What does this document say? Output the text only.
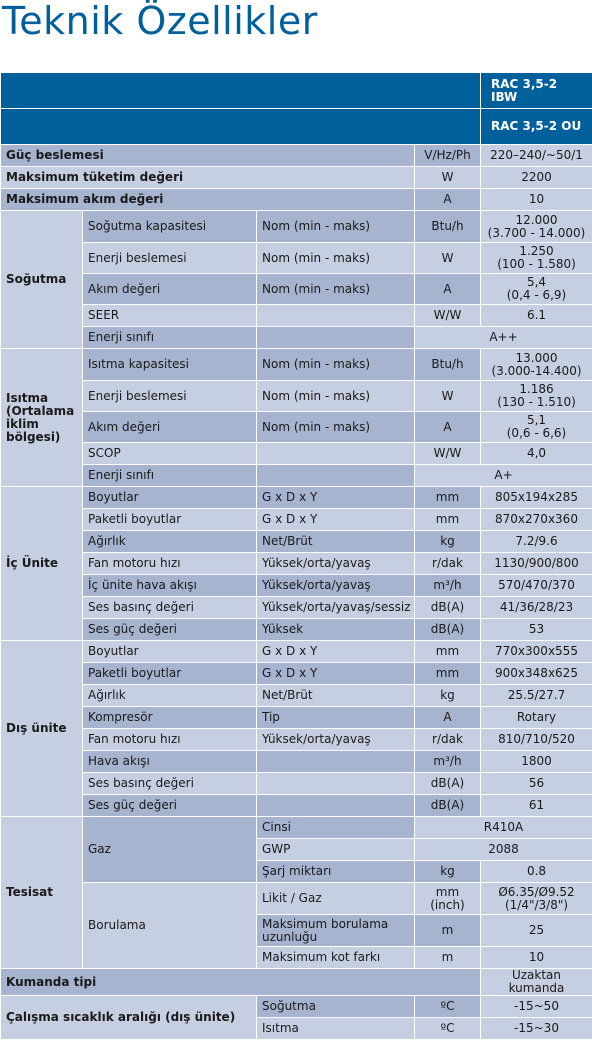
Teknik Özellikler
				RAC 3,5-2 IBW
				RAC 3,5-2 OU
Güç beslemesi			V/Hz/Ph	220–240/~50/1
Maksimum tüketim değeri			W	2200
Maksimum akım değeri			A	10
Soğutma	Soğutma kapasitesi	Nom (min - maks)	Btu/h	12.000
(3.700 - 14.000)
	Enerji beslemesi	Nom (min - maks)	W	1.250
(100 - 1.580)
	Akım değeri	Nom (min - maks)	A	5,4
(0,4 - 6,9)
	SEER		W/W	6.1
	Enerji sınıfı		A++	
Isıtma (Ortalama iklim bölgesi)	Isıtma kapasitesi	Nom (min - maks)	Btu/h	13.000
(3.000-14.400)
	Enerji beslemesi	Nom (min - maks)	W	1.186
(130 - 1.510)
	Akım değeri	Nom (min - maks)	A	5,1
(0,6 - 6,6)
	SCOP		W/W	4,0
	Enerji sınıfı		A+	
İç Ünite	Boyutlar	G x D x Y	mm	805x194x285
	Paketli boyutlar	G x D x Y	mm	870x270x360
	Ağırlık	Net/Brüt	kg	7.2/9.6
	Fan motoru hızı	Yüksek/orta/yavaş	r/dak	1130/900/800
	İç ünite hava akışı	Yüksek/orta/yavaş	m³/h	570/470/370
	Ses basınç değeri	Yüksek/orta/yavaş/sessiz	dB(A)	41/36/28/23
	Ses güç değeri	Yüksek	dB(A)	53
Dış ünite	Boyutlar	G x D x Y	mm	770x300x555
	Paketli boyutlar	G x D x Y	mm	900x348x625
	Ağırlık	Net/Brüt	kg	25.5/27.7
	Kompresör	Tip	A	Rotary
	Fan motoru hızı	Yüksek/orta/yavaş	r/dak	810/710/520
	Hava akışı		m³/h	1800
	Ses basınç değeri		dB(A)	56
	Ses güç değeri		dB(A)	61
Tesisat	Gaz	Cinsi	R410A	
		GWP	2088	
		Şarj miktarı	kg	0.8
	Borulama	Likit / Gaz	mm (inch)	Ø6.35/Ø9.52
(1/4"/3/8")
		Maksimum borulama uzunluğu	m	25
		Maksimum kot farkı	m	10
Kumanda tipi				Uzaktan kumanda
Çalışma sıcaklık aralığı (dış ünite)		Soğutma	ºC	-15~50
		Isıtma	ºC	-15~30
